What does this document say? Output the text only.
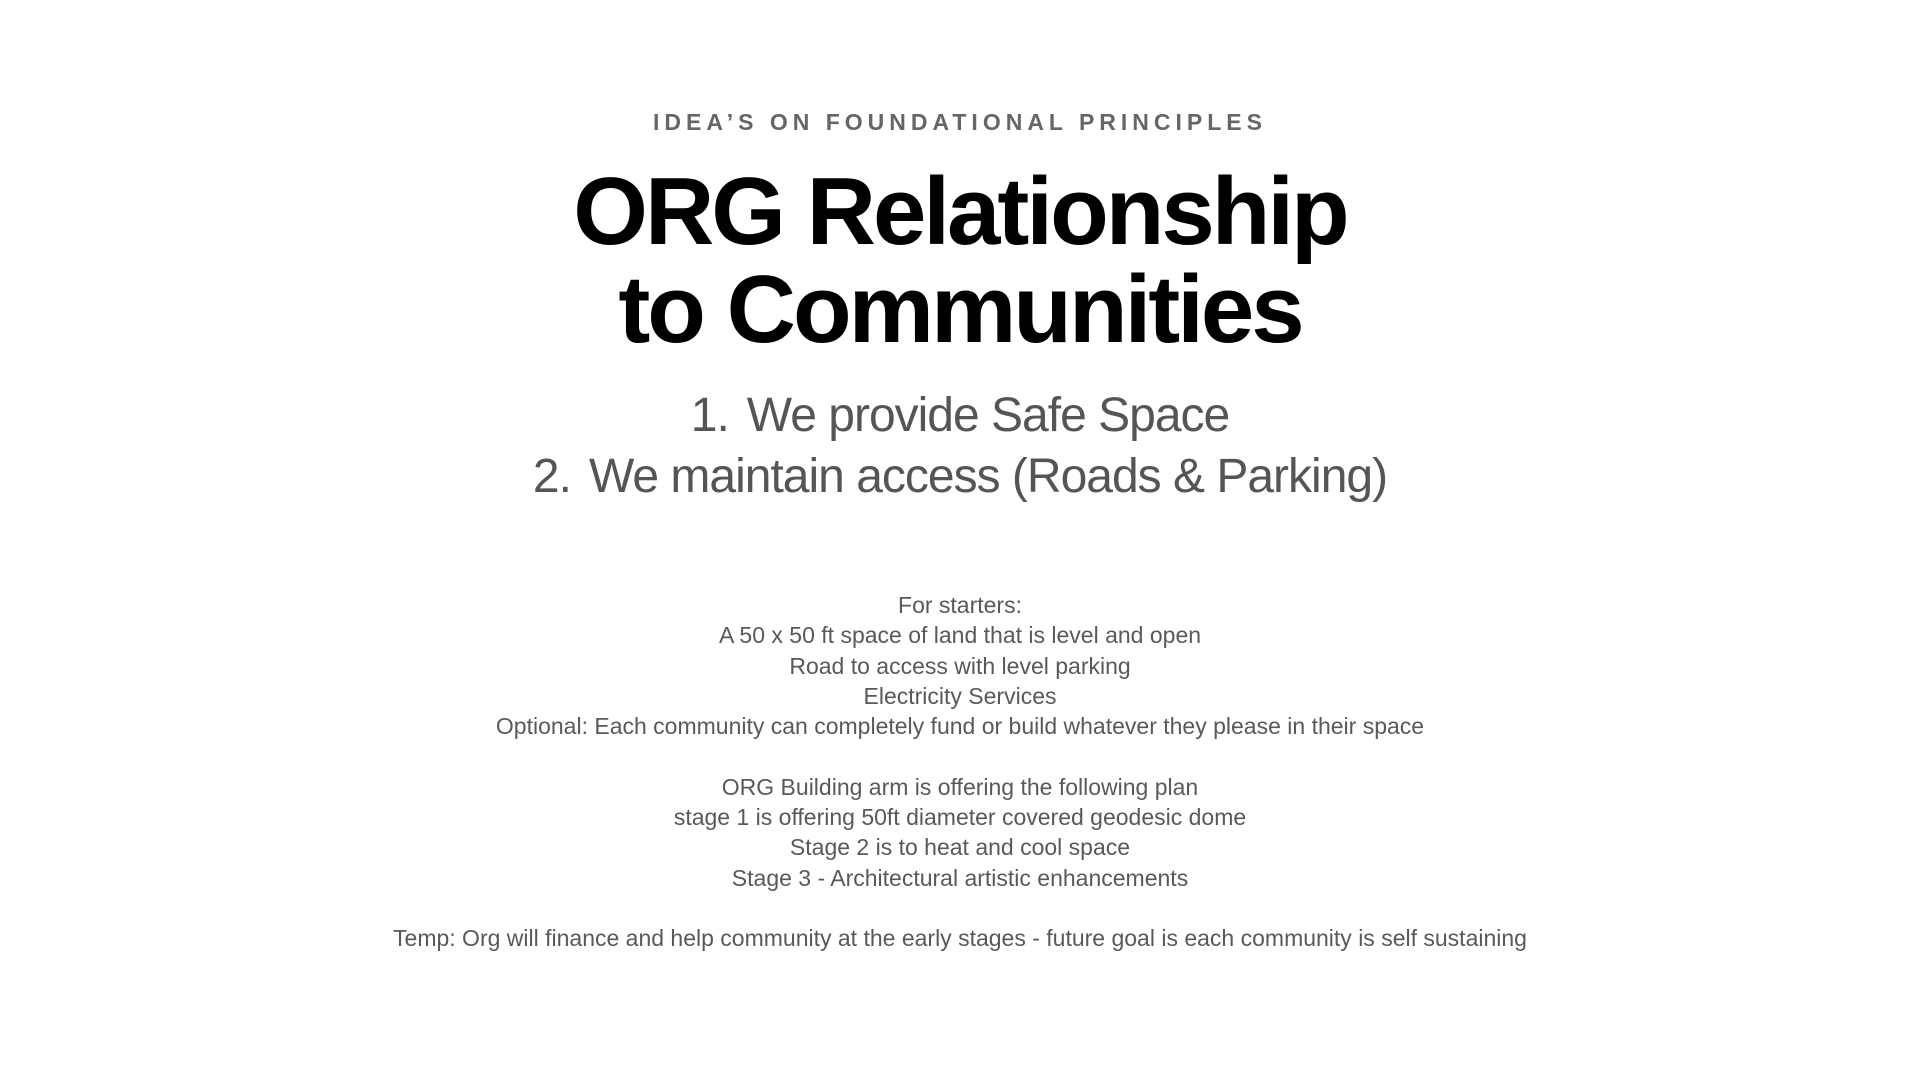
IDEA’S ON FOUNDATIONAL PRINCIPLES
ORG Relationship
to Communities
1. We provide Safe Space
2. We maintain access (Roads & Parking)
For starters:
A 50 x 50 ft space of land that is level and open
Road to access with level parking
Electricity Services
Optional: Each community can completely fund or build whatever they please in their space
ORG Building arm is offering the following plan
stage 1 is offering 50ft diameter covered geodesic dome
Stage 2 is to heat and cool space
Stage 3 - Architectural artistic enhancements
Temp: Org will finance and help community at the early stages - future goal is each community is self sustaining
